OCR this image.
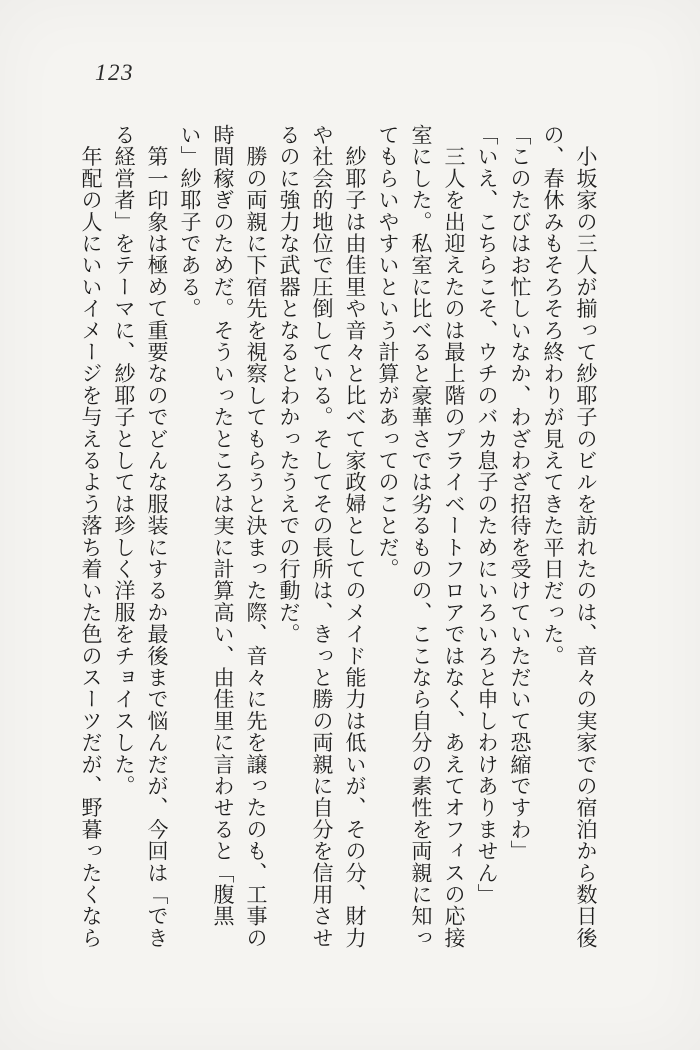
123
　小坂家の三人が揃って紗耶子のビルを訪れたのは、音々の実家での宿泊から数日後
の、春休みもそろそろ終わりが見えてきた平日だった。
「このたびはお忙しいなか、わざわざ招待を受けていただいて恐縮ですわ」
「いえ、こちらこそ、ウチのバカ息子のためにいろいろと申しわけありません」
　三人を出迎えたのは最上階のプライベートフロアではなく、あえてオフィスの応接
室にした。私室に比べると豪華さでは劣るものの、ここなら自分の素性を両親に知っ
てもらいやすいという計算があってのことだ。
　紗耶子は由佳里や音々と比べて家政婦としてのメイド能力は低いが、その分、財力
や社会的地位で圧倒している。そしてその長所は、きっと勝の両親に自分を信用させ
るのに強力な武器となるとわかったうえでの行動だ。
　勝の両親に下宿先を視察してもらうと決まった際、音々に先を譲ったのも、工事の
時間稼ぎのためだ。そういったところは実に計算高い、由佳里に言わせると「腹黒
い」紗耶子である。
　第一印象は極めて重要なのでどんな服装にするか最後まで悩んだが、今回は「でき
る経営者」をテーマに、紗耶子としては珍しく洋服をチョイスした。
　年配の人にいいイメージを与えるよう落ち着いた色のスーツだが、野暮ったくなら
